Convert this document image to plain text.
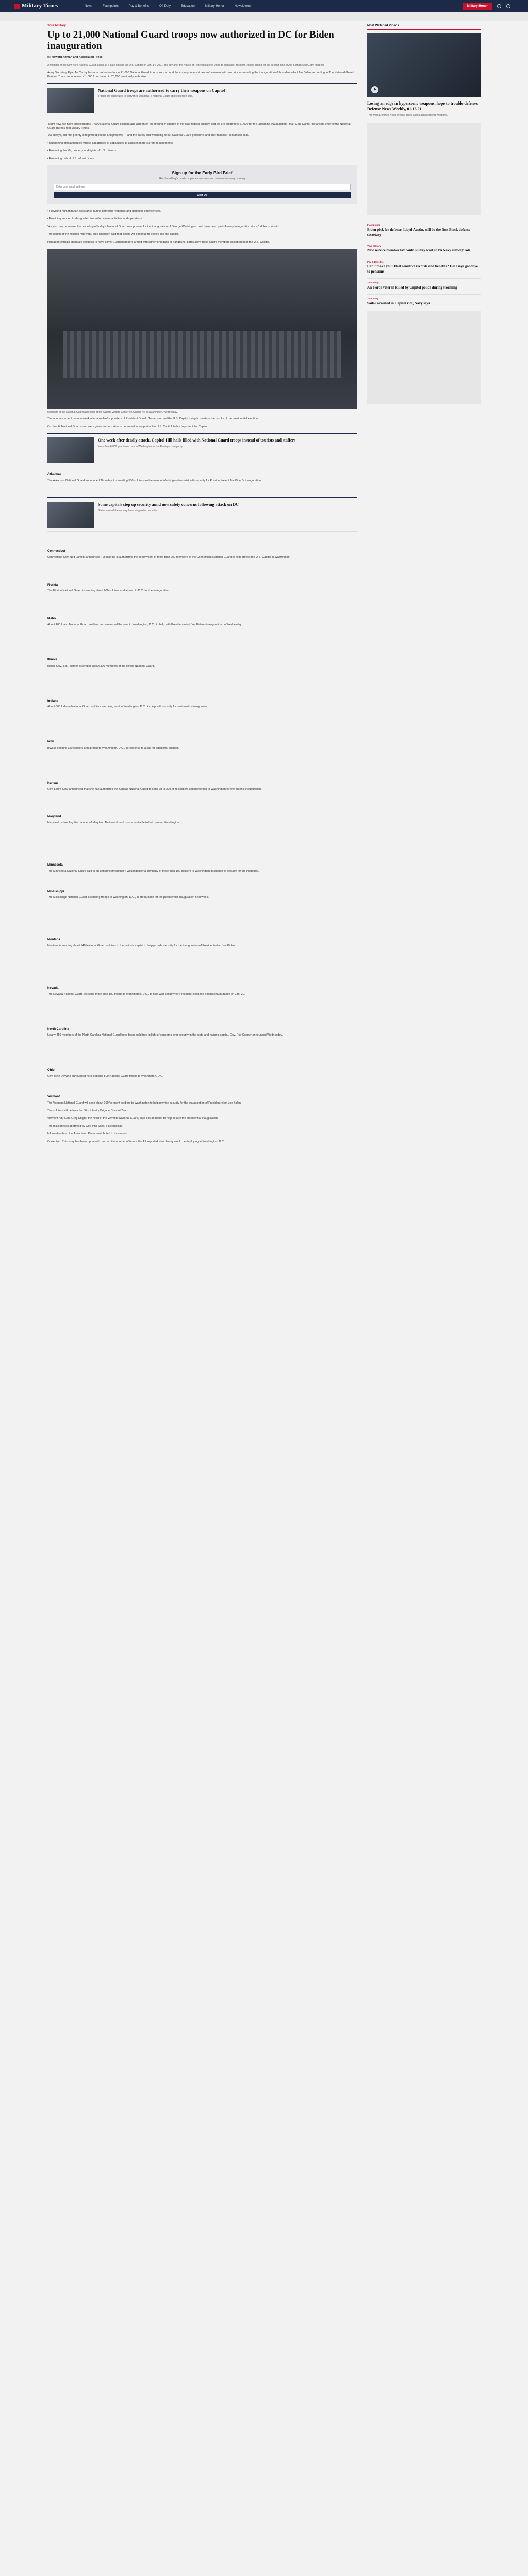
Military Times	News	Flashpoints	Pay & Benefits	Off Duty	Education	Military Honor	Newsletters	Military Honor
Your Military
Up to 21,000 National Guard troops now authorized in DC for Biden inauguration
By Howard Altman and Associated Press
A member of the New York National Guard stands at a gate outside the U.S. Capitol on Jan. 14, 2021, the day after the House of Representatives voted to impeach President Donald Trump for the second time. (Chip Somodevilla/Getty Images)

Army Secretary Ryan McCarthy has now authorized up to 21,000 National Guard troops from around the country to assist law enforcement with security surrounding the inauguration of President-elect Joe Biden, according to The National Guard Bureau. That's an increase of 1,000 from the up to 20,000 previously authorized.

National Guard troops are authorized to carry their weapons on Capitol

Troops are authorized to carry their weapons, a National Guard spokesperson said.

“Right now, we have approximately 7,000 National Guard soldiers and airmen on the ground in support of the lead federal agency, and we are building to 21,000 for the upcoming inauguration,” Maj. Gen. Daniel Hokanson, chief of the National Guard Bureau told Military Times.

“As always, our first priority is to protect people and property — and the safety and wellbeing of our National Guard personnel and their families,” Hokanson said.

• Supporting and authorities whose capabilities or capabilities to assist in more current requirements.

• Protecting the life, property and rights of U.S. citizens.

• Protecting critical U.S. infrastructure.

Sign up for the Early Bird Brief
Get the military's most comprehensive news and information every morning
Enter your email address Sign Up

• Providing humanitarian assistance during domestic response and domestic emergencies.

• Providing support to designated law enforcement activities and operations.

“As you may be aware, the backdrop of today's National Guard was present for the inauguration of George Washington, and have been part of every inauguration since,” Hokanson said.

The length of the mission may vary, but Hokanson said that troops will continue to deploy into the capitol.

Pentagon officials approved requests to have some Guard members armed with either long guns or handguns, particularly those Guard members assigned near the U.S. Capitol.

Members of the National Guard assemble at the Capitol Visitors Center on Capitol Hill in Washington, Wednesday.

The announcement came a week after a mob of supporters of President Donald Trump stormed the U.S. Capitol trying to overturn the results of the presidential election.

On Jan. 6, National Guardsmen were given authorization to be armed in support of the U.S. Capitol Police to protect the Capitol.

One week after deadly attack, Capitol Hill halls filled with National Guard troops instead of tourists and staffers

More than 6,000 guardsmen are in Washington as the Pentagon ramps up.

Arkansas

The Arkansas National Guard announced Thursday it is sending 500 soldiers and airmen to Washington to assist with security for President-elect Joe Biden's inauguration.

Some capitals step up security amid new safety concerns following attack on DC

States around the country have stepped up security.

Connecticut

Connecticut Gov. Ned Lamont announced Tuesday he is authorizing the deployment of more than 200 members of the Connecticut National Guard to help protect the U.S. Capitol in Washington.

Florida

The Florida National Guard is sending about 600 soldiers and airmen to D.C. for the inauguration.

Idaho

About 400 Idaho National Guard soldiers and airmen will be sent to Washington, D.C., to help with President-elect Joe Biden's inauguration on Wednesday.

Illinois

Illinois Gov. J.B. Pritzker is sending about 300 members of the Illinois National Guard.

Indiana

About 600 Indiana National Guard soldiers are being sent to Washington, D.C., to help with security for next week's inauguration.

Iowa

Iowa is sending 350 soldiers and airmen to Washington, D.C., in response to a call for additional support.

Kansas

Gov. Laura Kelly announced that she has authorized the Kansas National Guard to send up to 200 of its soldiers and personnel to Washington for the Biden's inauguration.

Maryland

Maryland is doubling the number of Maryland National Guard troops available to help protect Washington.

Minnesota

The Minnesota National Guard said in an announcement that it would deploy a company of more than 100 soldiers to Washington in support of security for the inaugural.

Mississippi

The Mississippi National Guard is sending troops to Washington, D.C., in preparation for the presidential inauguration next week.

Montana

Montana is sending about 140 National Guard soldiers to the nation's capital to help provide security for the inauguration of President-elect Joe Biden.

Nevada

The Nevada National Guard will send more than 100 troops to Washington, D.C., to help with security for President-elect Joe Biden's inauguration on Jan. 20.

North Carolina

Nearly 450 members of the North Carolina National Guard have been mobilized in light of concerns over security in the state and nation's capital, Gov. Roy Cooper announced Wednesday.

Ohio

Gov. Mike DeWine announced he is sending 500 National Guard troops to Washington, D.C.

Vermont

The Vermont National Guard will send about 100 Vermont soldiers to Washington to help provide security for the inauguration of President-elect Joe Biden.

The soldiers will be from the 86th Infantry Brigade Combat Team.

Vermont Adj. Gen. Greg Knight, the head of the Vermont National Guard, says it is an honor to help secure the presidential inauguration.

The mission was approved by Gov. Phil Scott, a Republican.

Information from the Associated Press contributed to this report.

Correction: This story has been updated to correct the number of troops the AP reported New Jersey would be deploying to Washington, D.C.

Most Watched Videos
Losing an edge in hypersonic weapons, hope to trouble defense: Defense News Weekly, 01.16.21
This week Defense News Weekly takes a look at hypersonic weapons.
Flashpoints
Biden pick for defense, Lloyd Austin, will be the first Black defense secretary
Your Military
New service member tax could survey wait of VA Navy subway role
Pay & Benefits
Can't make your DoD sensitive records and benefits? DoD says goodbye to pensions
Your Army
Air Force veteran killed by Capitol police during storming
Your Navy
Sailor arrested in Capitol riot, Navy says
